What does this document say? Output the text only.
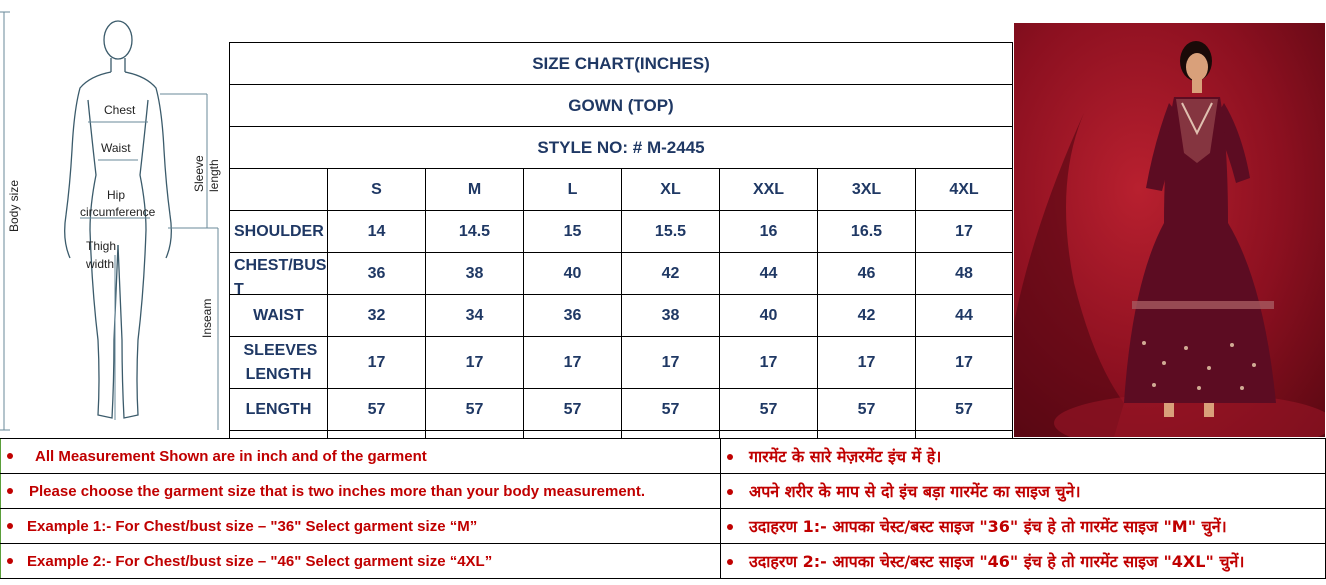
Chest
Waist
Hip
circumference
Thigh
width
Sleeve length
Body size
Inseam
SIZE CHART(INCHES)							
GOWN (TOP)							
STYLE NO: # M-2445							
	S	M	L	XL	XXL	3XL	4XL
SHOULDER	14	14.5	15	15.5	16	16.5	17

CHEST/BUST	36	38	40	42	44	46	48
WAIST	32	34	36	38	40	42	44

SLEEVES LENGTH	17	17	17	17	17	17	17
LENGTH	57	57	57	57	57	57	57

All Measurement Shown are in inch and of the garment	गारमेंट के सारे मेज़रमेंट इंच में हे।
Please choose the garment size that is two inches more than your body measurement.	अपने शरीर के माप से दो इंच बड़ा गारमेंट का साइज चुने।
Example 1:- For Chest/bust size – "36" Select garment size “M”	उदाहरण 1:- आपका चेस्ट/बस्ट साइज "36" इंच हे तो गारमेंट साइज "M" चुनें।
Example 2:- For Chest/bust size – "46" Select garment size “4XL”	उदाहरण 2:- आपका चेस्ट/बस्ट साइज "46" इंच हे तो गारमेंट साइज "4XL" चुनें।
